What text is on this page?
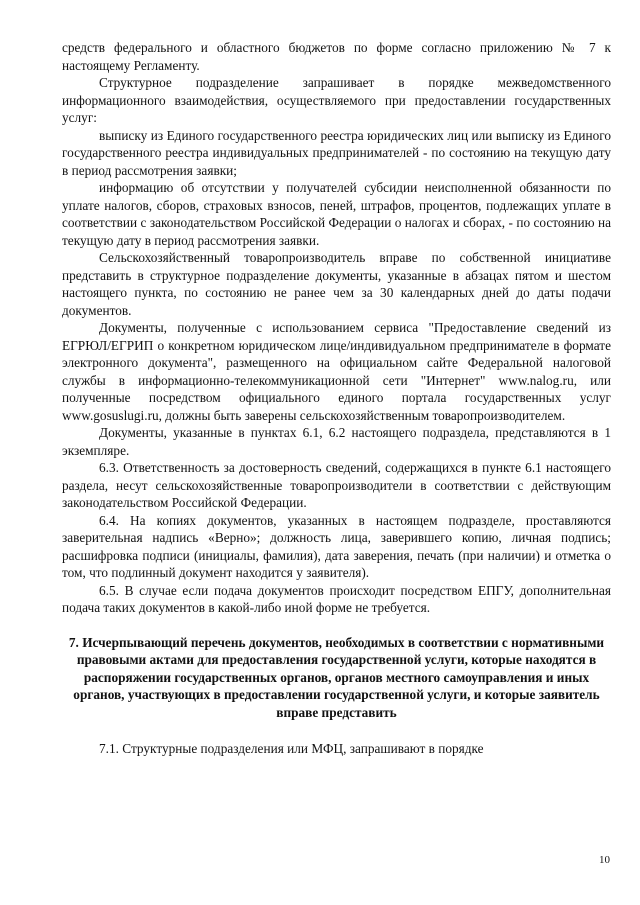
средств федерального и областного бюджетов по форме согласно приложению № 7 к настоящему Регламенту.

Структурное подразделение запрашивает в порядке межведомственного информационного взаимодействия, осуществляемого при предоставлении государственных услуг:

выписку из Единого государственного реестра юридических лиц или выписку из Единого государственного реестра индивидуальных предпринимателей - по состоянию на текущую дату в период рассмотрения заявки;

информацию об отсутствии у получателей субсидии неисполненной обязанности по уплате налогов, сборов, страховых взносов, пеней, штрафов, процентов, подлежащих уплате в соответствии с законодательством Российской Федерации о налогах и сборах, - по состоянию на текущую дату в период рассмотрения заявки.

Сельскохозяйственный товаропроизводитель вправе по собственной инициативе представить в структурное подразделение документы, указанные в абзацах пятом и шестом настоящего пункта, по состоянию не ранее чем за 30 календарных дней до даты подачи документов.

Документы, полученные с использованием сервиса "Предоставление сведений из ЕГРЮЛ/ЕГРИП о конкретном юридическом лице/индивидуальном предпринимателе в формате электронного документа", размещенного на официальном сайте Федеральной налоговой службы в информационно-телекоммуникационной сети "Интернет" www.nalog.ru, или полученные посредством официального единого портала государственных услуг www.gosuslugi.ru, должны быть заверены сельскохозяйственным товаропроизводителем.

Документы, указанные в пунктах 6.1, 6.2 настоящего подраздела, представляются в 1 экземпляре.

6.3. Ответственность за достоверность сведений, содержащихся в пункте 6.1 настоящего раздела, несут сельскохозяйственные товаропроизводители в соответствии с действующим законодательством Российской Федерации.

6.4. На копиях документов, указанных в настоящем подразделе, проставляются заверительная надпись «Верно»; должность лица, заверившего копию, личная подпись; расшифровка подписи (инициалы, фамилия), дата заверения, печать (при наличии) и отметка о том, что подлинный документ находится у заявителя).

6.5. В случае если подача документов происходит посредством ЕПГУ, дополнительная подача таких документов в какой-либо иной форме не требуется.

7. Исчерпывающий перечень документов, необходимых в соответствии с нормативными правовыми актами для предоставления государственной услуги, которые находятся в распоряжении государственных органов, органов местного самоуправления и иных органов, участвующих в предоставлении государственной услуги, и которые заявитель вправе представить

7.1. Структурные подразделения или МФЦ, запрашивают в порядке

10
